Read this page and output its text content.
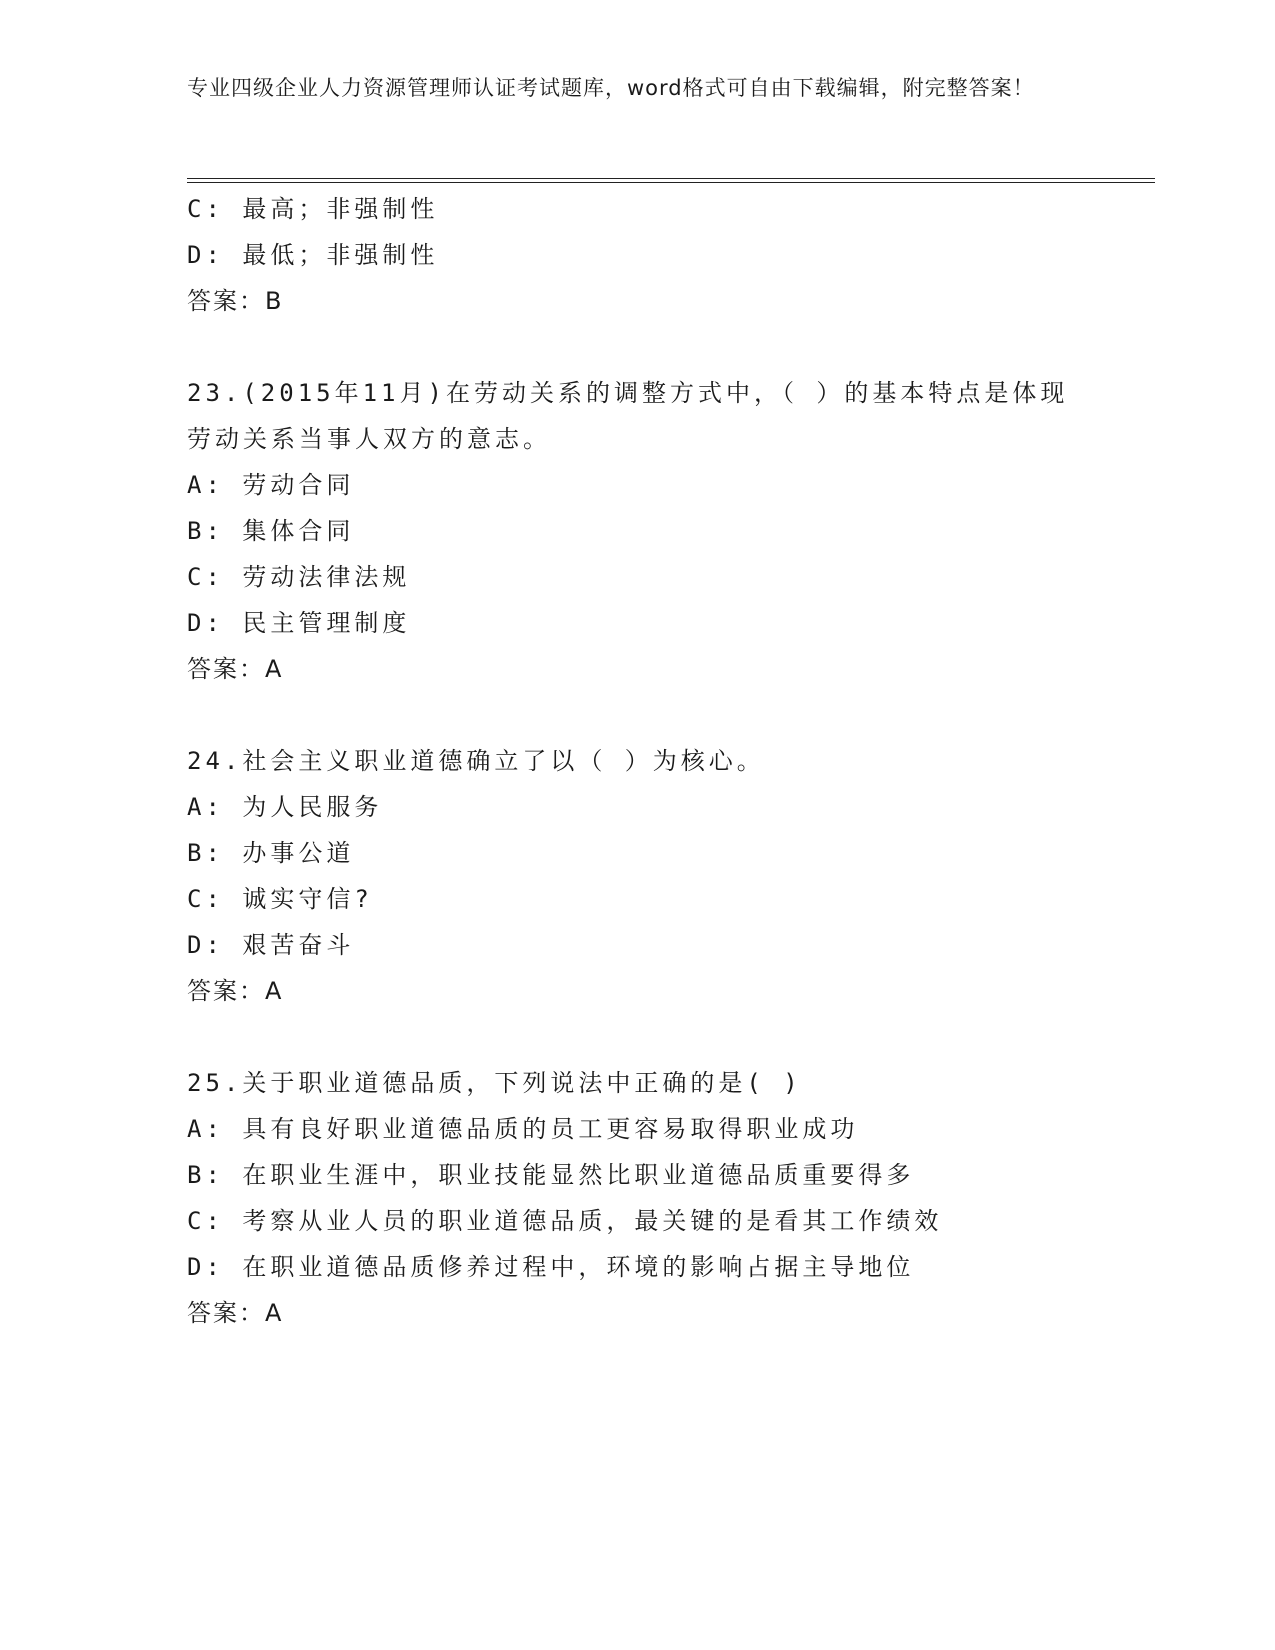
专业四级企业人力资源管理师认证考试题库，word格式可自由下载编辑，附完整答案！
C: 最高；非强制性
D: 最低；非强制性
答案：B
23.(2015年11月)在劳动关系的调整方式中，（ ）的基本特点是体现
劳动关系当事人双方的意志。
A: 劳动合同
B: 集体合同
C: 劳动法律法规
D: 民主管理制度
答案：A
24.社会主义职业道德确立了以（ ）为核心。
A: 为人民服务
B: 办事公道
C: 诚实守信?
D: 艰苦奋斗
答案：A
25.关于职业道德品质，下列说法中正确的是( )
A: 具有良好职业道德品质的员工更容易取得职业成功
B: 在职业生涯中，职业技能显然比职业道德品质重要得多
C: 考察从业人员的职业道德品质，最关键的是看其工作绩效
D: 在职业道德品质修养过程中，环境的影响占据主导地位
答案：A
